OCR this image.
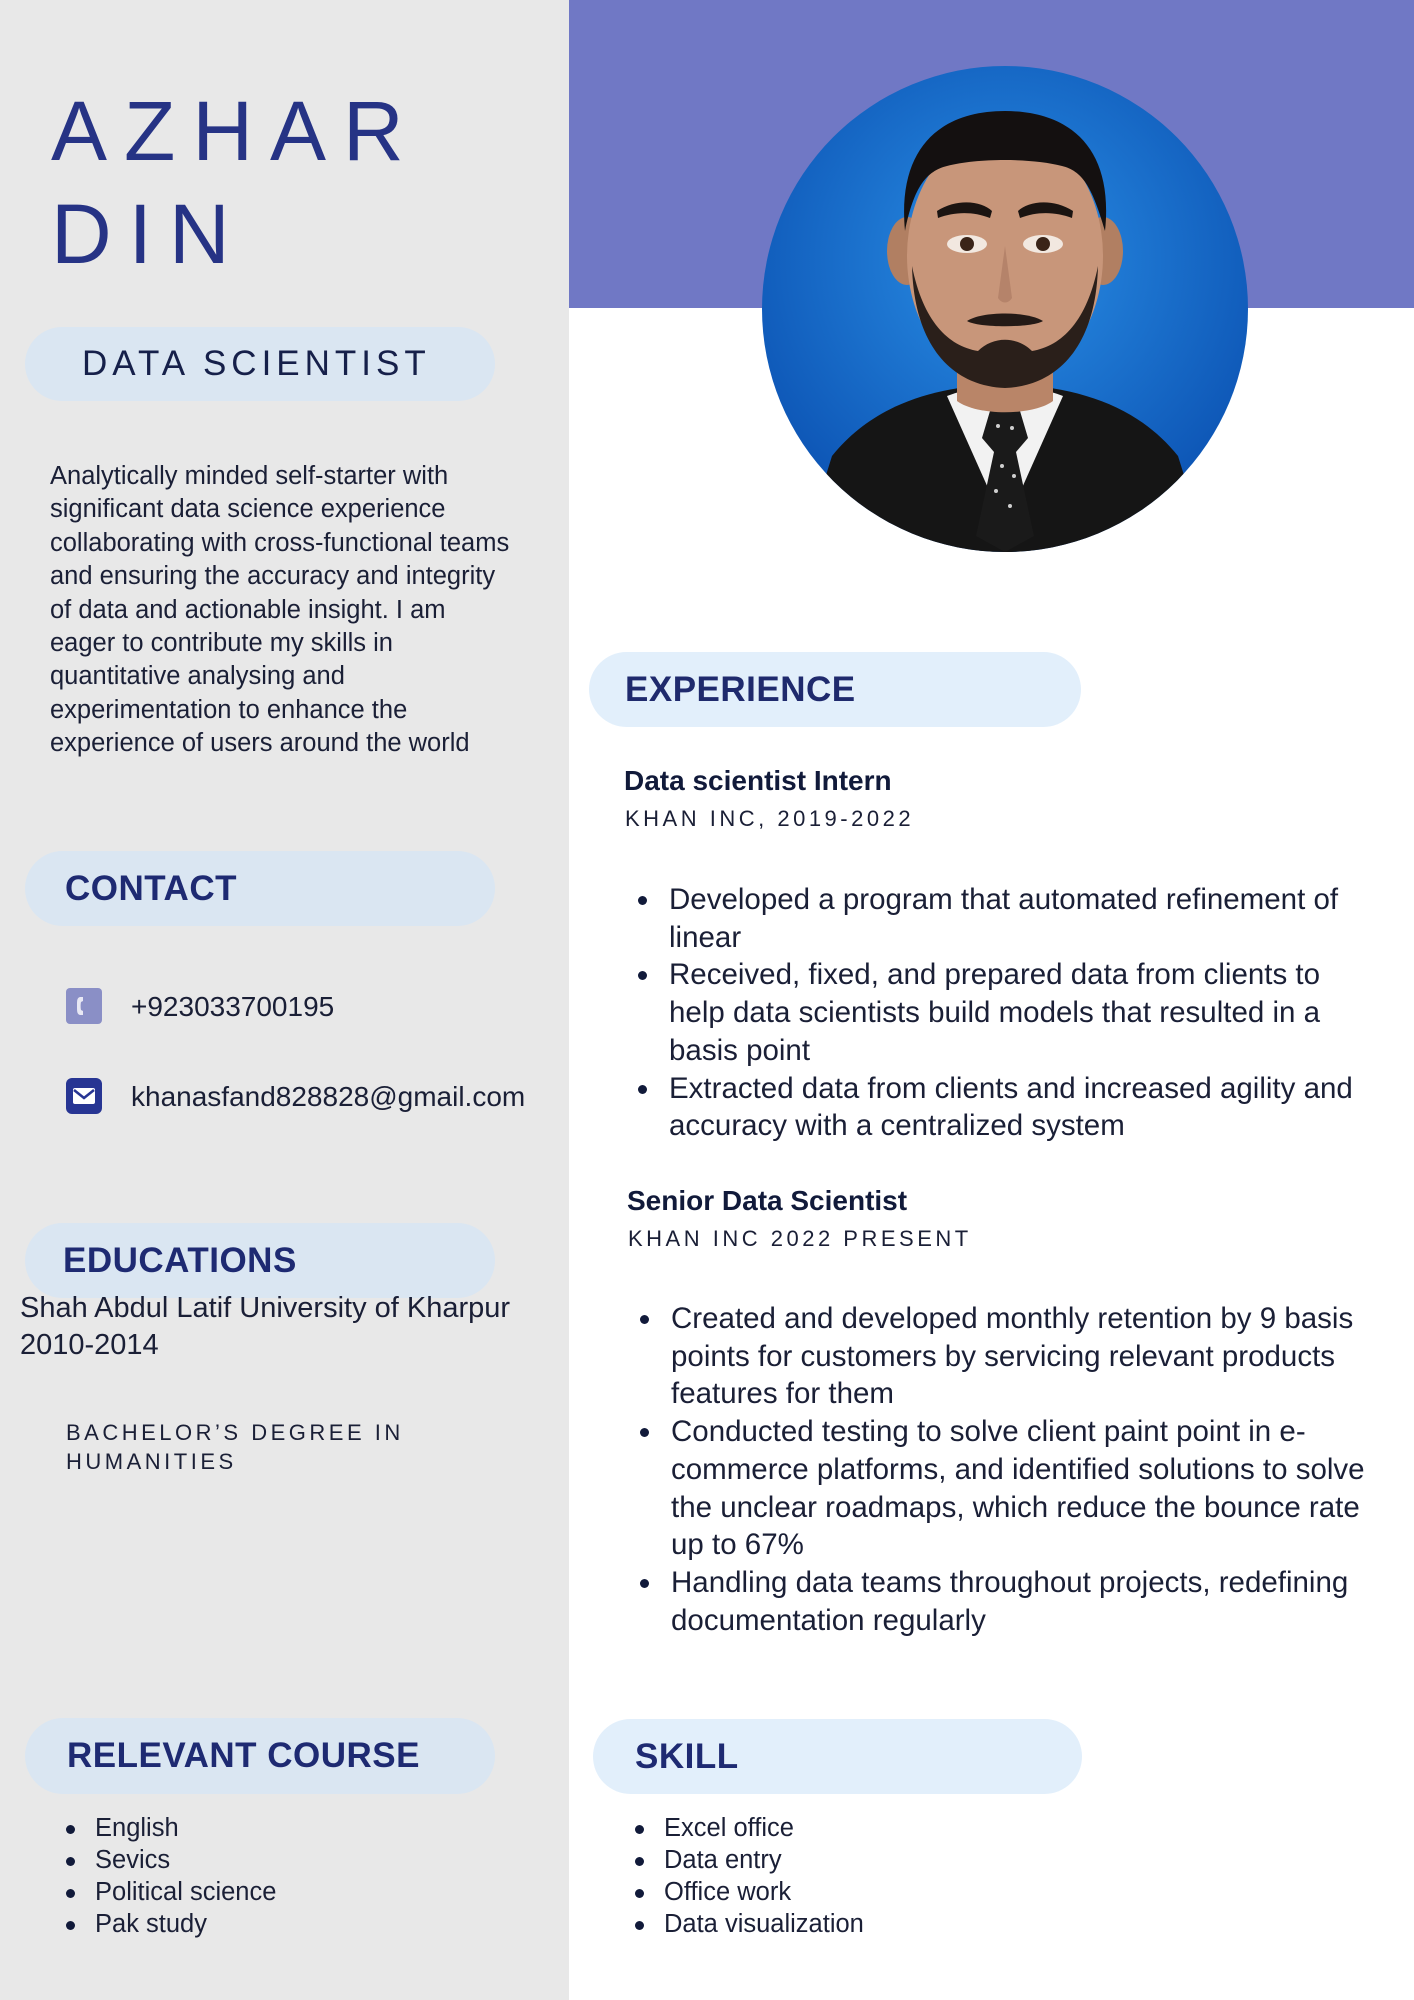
AZHAR
DIN
DATA SCIENTIST

Analytically minded self-starter with significant data science experience collaborating with cross-functional teams and ensuring the accuracy and integrity of data and actionable insight. I am eager to contribute my skills in quantitative analysing and experimentation to enhance the experience of users around the world

CONTACT
+923033700195
khanasfand828828@gmail.com
EDUCATIONS
Shah Abdul Latif University of Kharpur 2010-2014
BACHELOR’S DEGREE IN HUMANITIES
RELEVANT COURSE
English
Sevics
Political science
Pak study
EXPERIENCE
Data scientist Intern
KHAN INC, 2019-2022
Developed a program that automated refinement of linear
Received, fixed, and prepared data from clients to help data scientists build models that resulted in a basis point
Extracted data from clients and increased agility and accuracy with a centralized system
Senior Data Scientist
KHAN INC 2022 PRESENT
Created and developed monthly retention by 9 basis points for customers by servicing relevant products features for them
Conducted testing to solve client paint point in e-commerce platforms, and identified solutions to solve the unclear roadmaps, which reduce the bounce rate up to 67%
Handling data teams throughout projects, redefining documentation regularly
SKILL
Excel office
Data entry
Office work
Data visualization
